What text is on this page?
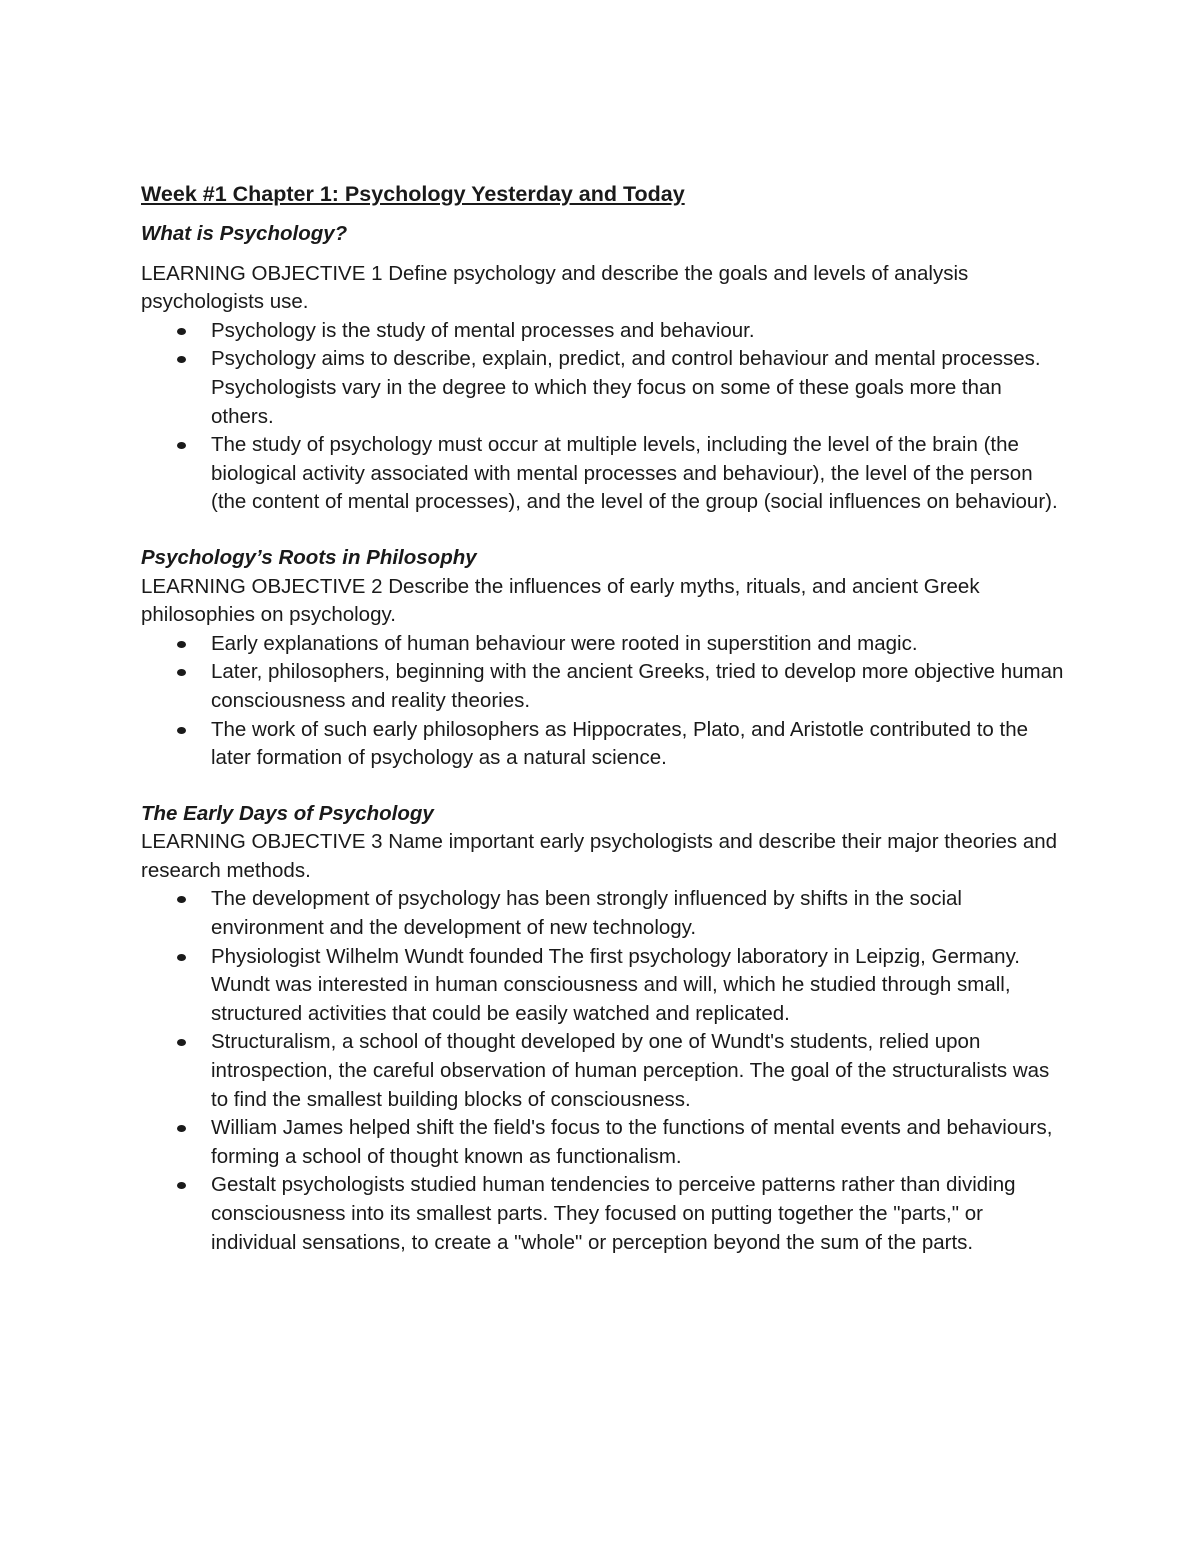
Week #1 Chapter 1: Psychology Yesterday and Today

What is Psychology?

LEARNING OBJECTIVE 1 Define psychology and describe the goals and levels of analysis psychologists use.

Psychology is the study of mental processes and behaviour.
Psychology aims to describe, explain, predict, and control behaviour and mental processes. Psychologists vary in the degree to which they focus on some of these goals more than others.
The study of psychology must occur at multiple levels, including the level of the brain (the biological activity associated with mental processes and behaviour), the level of the person (the content of mental processes), and the level of the group (social influences on behaviour).

Psychology’s Roots in Philosophy

LEARNING OBJECTIVE 2 Describe the influences of early myths, rituals, and ancient Greek philosophies on psychology.

Early explanations of human behaviour were rooted in superstition and magic.
Later, philosophers, beginning with the ancient Greeks, tried to develop more objective human consciousness and reality theories.
The work of such early philosophers as Hippocrates, Plato, and Aristotle contributed to the later formation of psychology as a natural science.

The Early Days of Psychology

LEARNING OBJECTIVE 3 Name important early psychologists and describe their major theories and research methods.

The development of psychology has been strongly influenced by shifts in the social environment and the development of new technology.
Physiologist Wilhelm Wundt founded The first psychology laboratory in Leipzig, Germany. Wundt was interested in human consciousness and will, which he studied through small, structured activities that could be easily watched and replicated.
Structuralism, a school of thought developed by one of Wundt's students, relied upon introspection, the careful observation of human perception. The goal of the structuralists was to find the smallest building blocks of consciousness.
William James helped shift the field's focus to the functions of mental events and behaviours, forming a school of thought known as functionalism.
Gestalt psychologists studied human tendencies to perceive patterns rather than dividing consciousness into its smallest parts. They focused on putting together the "parts," or individual sensations, to create a "whole" or perception beyond the sum of the parts.
